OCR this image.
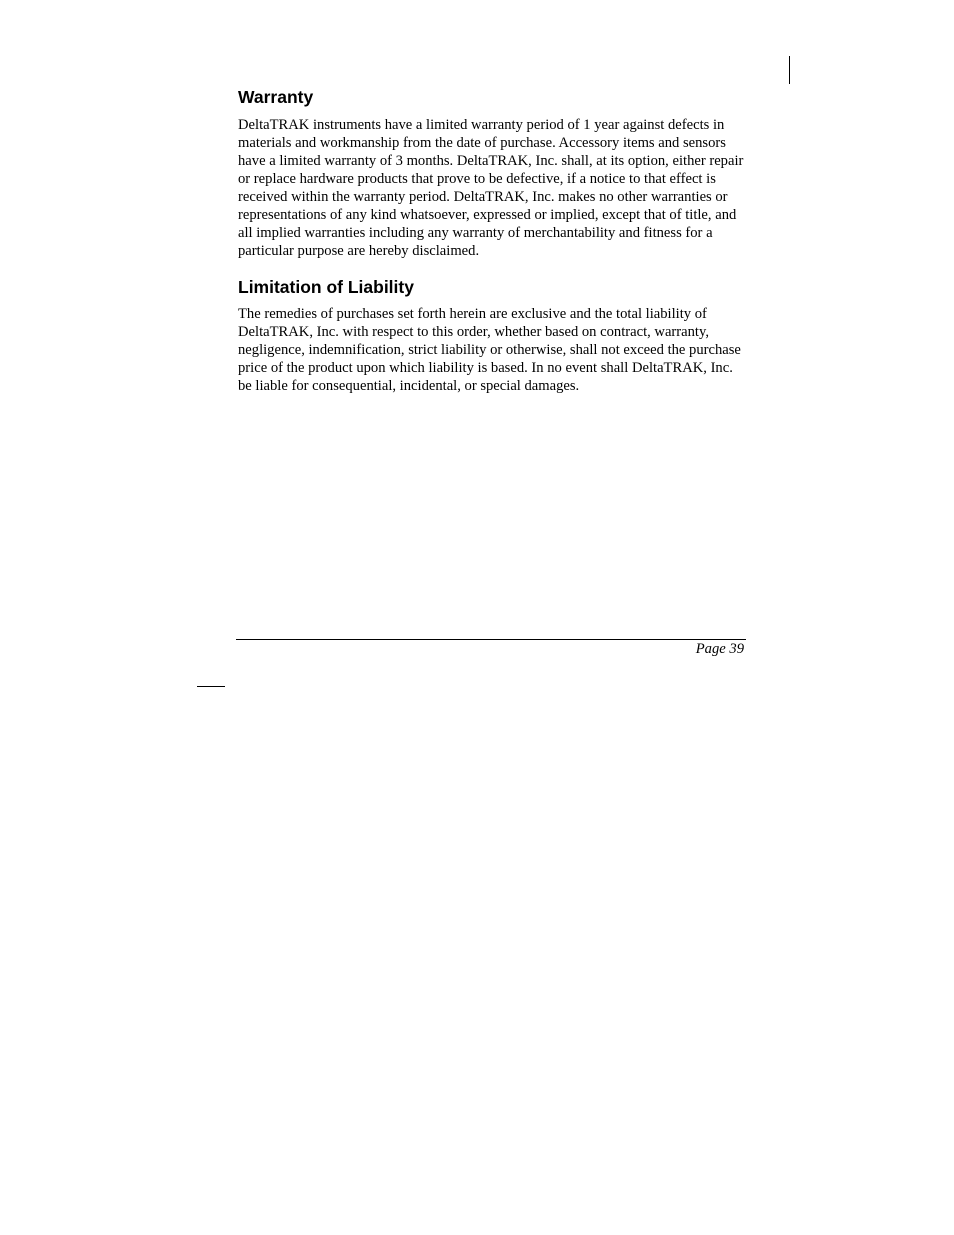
Warranty

DeltaTRAK instruments have a limited warranty period of 1 year against defects in materials and workmanship from the date of purchase. Accessory items and sensors have a limited warranty of 3 months. DeltaTRAK, Inc. shall, at its option, either repair or replace hardware products that prove to be defective, if a notice to that effect is received within the warranty period. DeltaTRAK, Inc. makes no other warranties or representations of any kind whatsoever, expressed or implied, except that of title, and all implied warranties including any warranty of merchantability and fitness for a particular purpose are hereby disclaimed.

Limitation of Liability

The remedies of purchases set forth herein are exclusive and the total liability of DeltaTRAK, Inc. with respect to this order, whether based on contract, warranty, negligence, indemnification, strict liability or otherwise, shall not exceed the purchase price of the product upon which liability is based. In no event shall DeltaTRAK, Inc. be liable for consequential, incidental, or special damages.

Page 39
